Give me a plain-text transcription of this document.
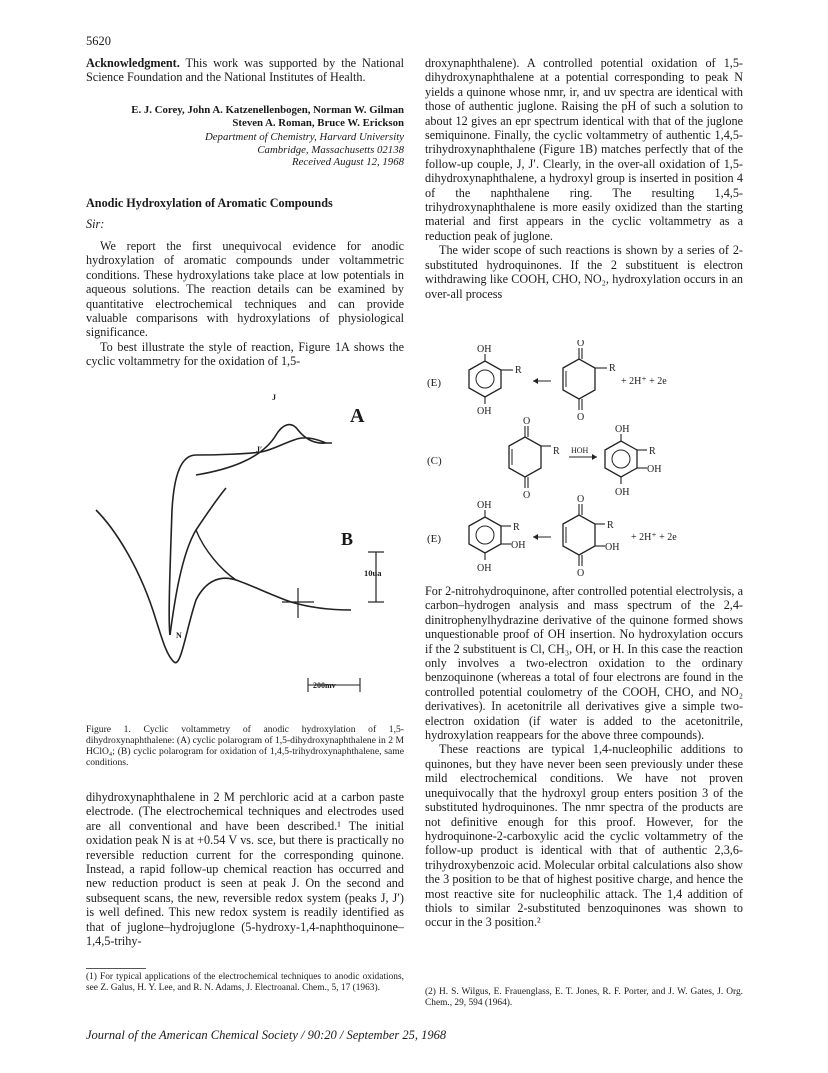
5620

Acknowledgment. This work was supported by the National Science Foundation and the National Institutes of Health.

E. J. Corey, John A. Katzenellenbogen, Norman W. Gilman
Steven A. Roman, Bruce W. Erickson
Department of Chemistry, Harvard University
Cambridge, Massachusetts 02138
Received August 12, 1968
Anodic Hydroxylation of Aromatic Compounds
Sir:

We report the first unequivocal evidence for anodic hydroxylation of aromatic compounds under voltammetric conditions. These hydroxylations take place at low potentials in aqueous solutions. The reaction details can be examined by quantitative electrochemical techniques and can provide valuable comparisons with hydroxylations of physiological significance.

To best illustrate the style of reaction, Figure 1A shows the cyclic voltammetry for the oxidation of 1,5-

10ua
200mv
A
B
J
J′
N
Figure 1. Cyclic voltammetry of anodic hydroxylation of 1,5-dihydroxynaphthalene: (A) cyclic polarogram of 1,5-dihydroxynaphthalene in 2 M HClO₄; (B) cyclic polarogram for oxidation of 1,4,5-trihydroxynaphthalene, same conditions.

dihydroxynaphthalene in 2 M perchloric acid at a carbon paste electrode. (The electrochemical techniques and electrodes used are all conventional and have been described.¹ The initial oxidation peak N is at +0.54 V vs. sce, but there is practically no reversible reduction current for the corresponding quinone. Instead, a rapid follow-up chemical reaction has occurred and new reduction product is seen at peak J. On the second and subsequent scans, the new, reversible redox system (peaks J, J′) is well defined. This new redox system is readily identified as that of juglone–hydrojuglone (5-hydroxy-1,4-naphthoquinone–1,4,5-trihy-

(1) For typical applications of the electrochemical techniques to anodic oxidations, see Z. Galus, H. Y. Lee, and R. N. Adams, J. Electroanal. Chem., 5, 17 (1963).

droxynaphthalene). A controlled potential oxidation of 1,5-dihydroxynaphthalene at a potential corresponding to peak N yields a quinone whose nmr, ir, and uv spectra are identical with those of authentic juglone. Raising the pH of such a solution to about 12 gives an epr spectrum identical with that of the juglone semiquinone. Finally, the cyclic voltammetry of authentic 1,4,5-trihydroxynaphthalene (Figure 1B) matches perfectly that of the follow-up couple, J, J′. Clearly, in the over-all oxidation of 1,5-dihydroxynaphthalene, a hydroxyl group is inserted in position 4 of the naphthalene ring. The resulting 1,4,5-trihydroxynaphthalene is more easily oxidized than the starting material and first appears in the cyclic voltammetry as a reduction peak of juglone.

The wider scope of such reactions is shown by a series of 2-substituted hydroquinones. If the 2 substituent is electron withdrawing like COOH, CHO, NO₂, hydroxylation occurs in an over-all process

(E)
OH
OH
R
O
O
R
+ 2H⁺ + 2e
(C)
O
O
R HOH
OH
R
OH
OH
(E)
OH
R
OH
OH
O
O
R
OH
+ 2H⁺ + 2e

For 2-nitrohydroquinone, after controlled potential electrolysis, a carbon–hydrogen analysis and mass spectrum of the 2,4-dinitrophenylhydrazine derivative of the quinone formed shows unquestionable proof of OH insertion. No hydroxylation occurs if the 2 substituent is Cl, CH₃, OH, or H. In this case the reaction only involves a two-electron oxidation to the ordinary benzoquinone (whereas a total of four electrons are found in the controlled potential coulometry of the COOH, CHO, and NO₂ derivatives). In acetonitrile all derivatives give a simple two-electron oxidation (if water is added to the acetonitrile, hydroxylation reappears for the above three compounds).

These reactions are typical 1,4-nucleophilic additions to quinones, but they have never been seen previously under these mild electrochemical conditions. We have not proven unequivocally that the hydroxyl group enters position 3 of the substituted hydroquinones. The nmr spectra of the products are not definitive enough for this proof. However, for the hydroquinone-2-carboxylic acid the cyclic voltammetry of the follow-up product is identical with that of authentic 2,3,6-trihydroxybenzoic acid. Molecular orbital calculations also show the 3 position to be that of highest positive charge, and hence the most reactive site for nucleophilic attack. The 1,4 addition of thiols to similar 2-substituted benzoquinones was shown to occur in the 3 position.²

(2) H. S. Wilgus, E. Frauenglass, E. T. Jones, R. F. Porter, and J. W. Gates, J. Org. Chem., 29, 594 (1964).
Journal of the American Chemical Society / 90:20 / September 25, 1968
